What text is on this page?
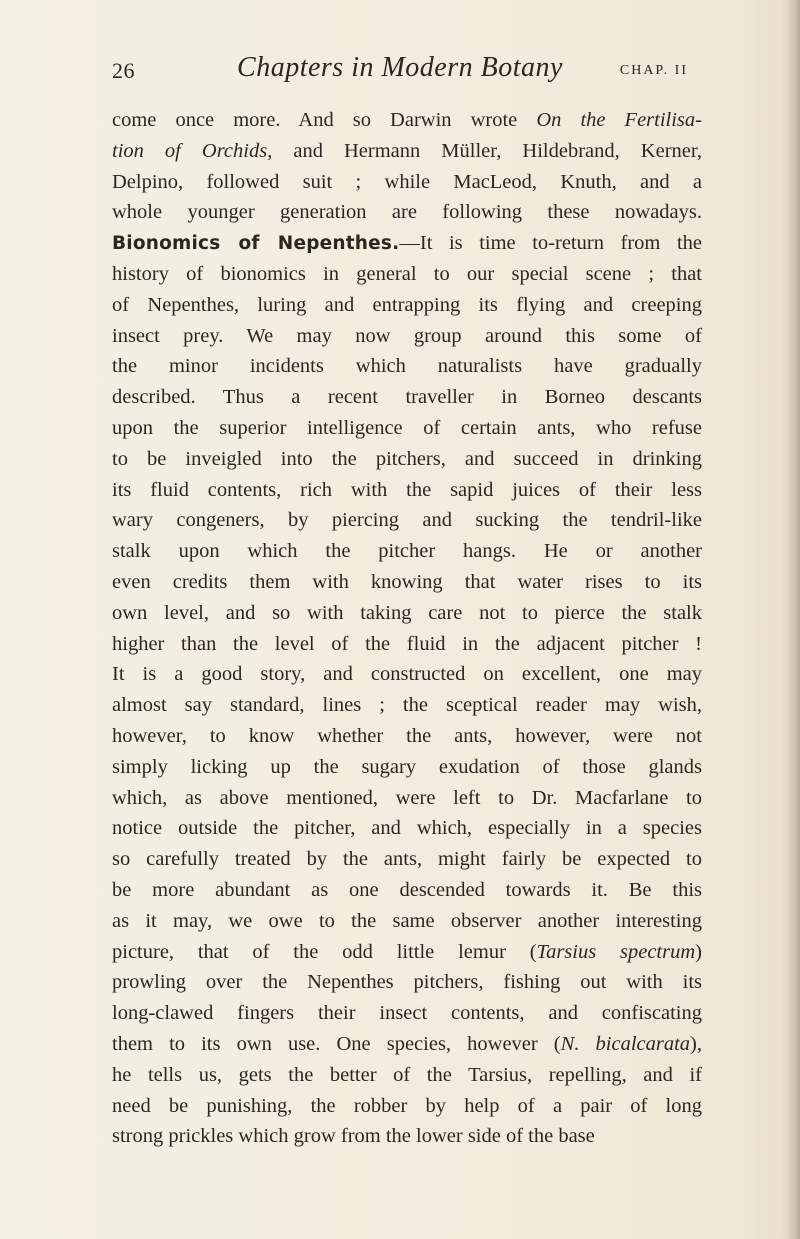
26	Chapters in Modern Botany	CHAP. II
come once more. And so Darwin wrote On the Fertilisa-
tion of Orchids, and Hermann Müller, Hildebrand, Kerner,
Delpino, followed suit ; while MacLeod, Knuth, and a
whole younger generation are following these nowadays.
Bionomics of Nepenthes.—It is time to-return from the
history of bionomics in general to our special scene ; that
of Nepenthes, luring and entrapping its flying and creeping
insect prey. We may now group around this some of
the minor incidents which naturalists have gradually
described. Thus a recent traveller in Borneo descants
upon the superior intelligence of certain ants, who refuse
to be inveigled into the pitchers, and succeed in drinking
its fluid contents, rich with the sapid juices of their less
wary congeners, by piercing and sucking the tendril-like
stalk upon which the pitcher hangs. He or another
even credits them with knowing that water rises to its
own level, and so with taking care not to pierce the stalk
higher than the level of the fluid in the adjacent pitcher !
It is a good story, and constructed on excellent, one may
almost say standard, lines ; the sceptical reader may wish,
however, to know whether the ants, however, were not
simply licking up the sugary exudation of those glands
which, as above mentioned, were left to Dr. Macfarlane to
notice outside the pitcher, and which, especially in a species
so carefully treated by the ants, might fairly be expected to
be more abundant as one descended towards it. Be this
as it may, we owe to the same observer another interesting
picture, that of the odd little lemur (Tarsius spectrum)
prowling over the Nepenthes pitchers, fishing out with its
long-clawed fingers their insect contents, and confiscating
them to its own use. One species, however (N. bicalcarata),
he tells us, gets the better of the Tarsius, repelling, and if
need be punishing, the robber by help of a pair of long
strong prickles which grow from the lower side of the base
